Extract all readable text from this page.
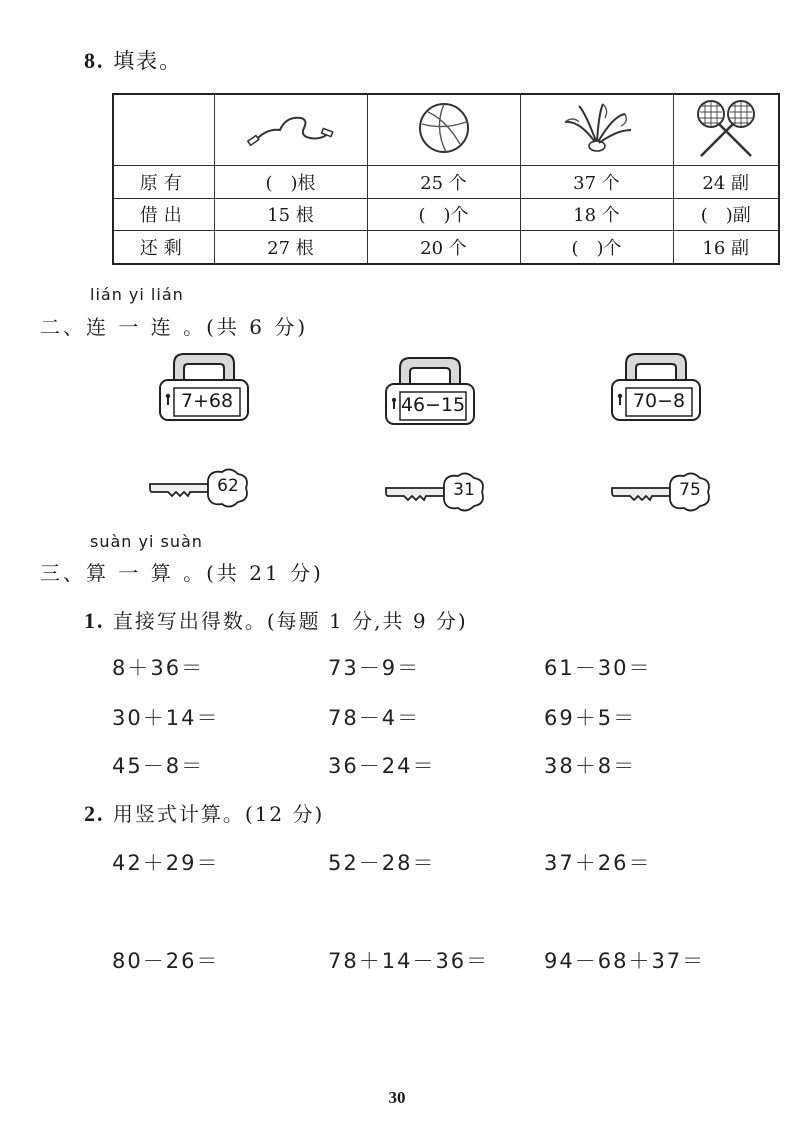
8. 填表。

原有	(　)根	25 个	37 个	24 副
借出	15 根	(　)个	18 个	(　)副
还剩	27 根	20 个	(　)个	16 副
lián yi lián
二、连 一 连 。(共 6 分)
7+68	46−15	70−8
62	31	75
suàn yi suàn
三、算 一 算 。(共 21 分)
1. 直接写出得数。(每题 1 分,共 9 分)
8＋36＝	73－9＝	61－30＝
30＋14＝	78－4＝	69＋5＝
45－8＝	36－24＝	38＋8＝
2. 用竖式计算。(12 分)
42＋29＝	52－28＝	37＋26＝
80－26＝	78＋14－36＝	94－68＋37＝
30
